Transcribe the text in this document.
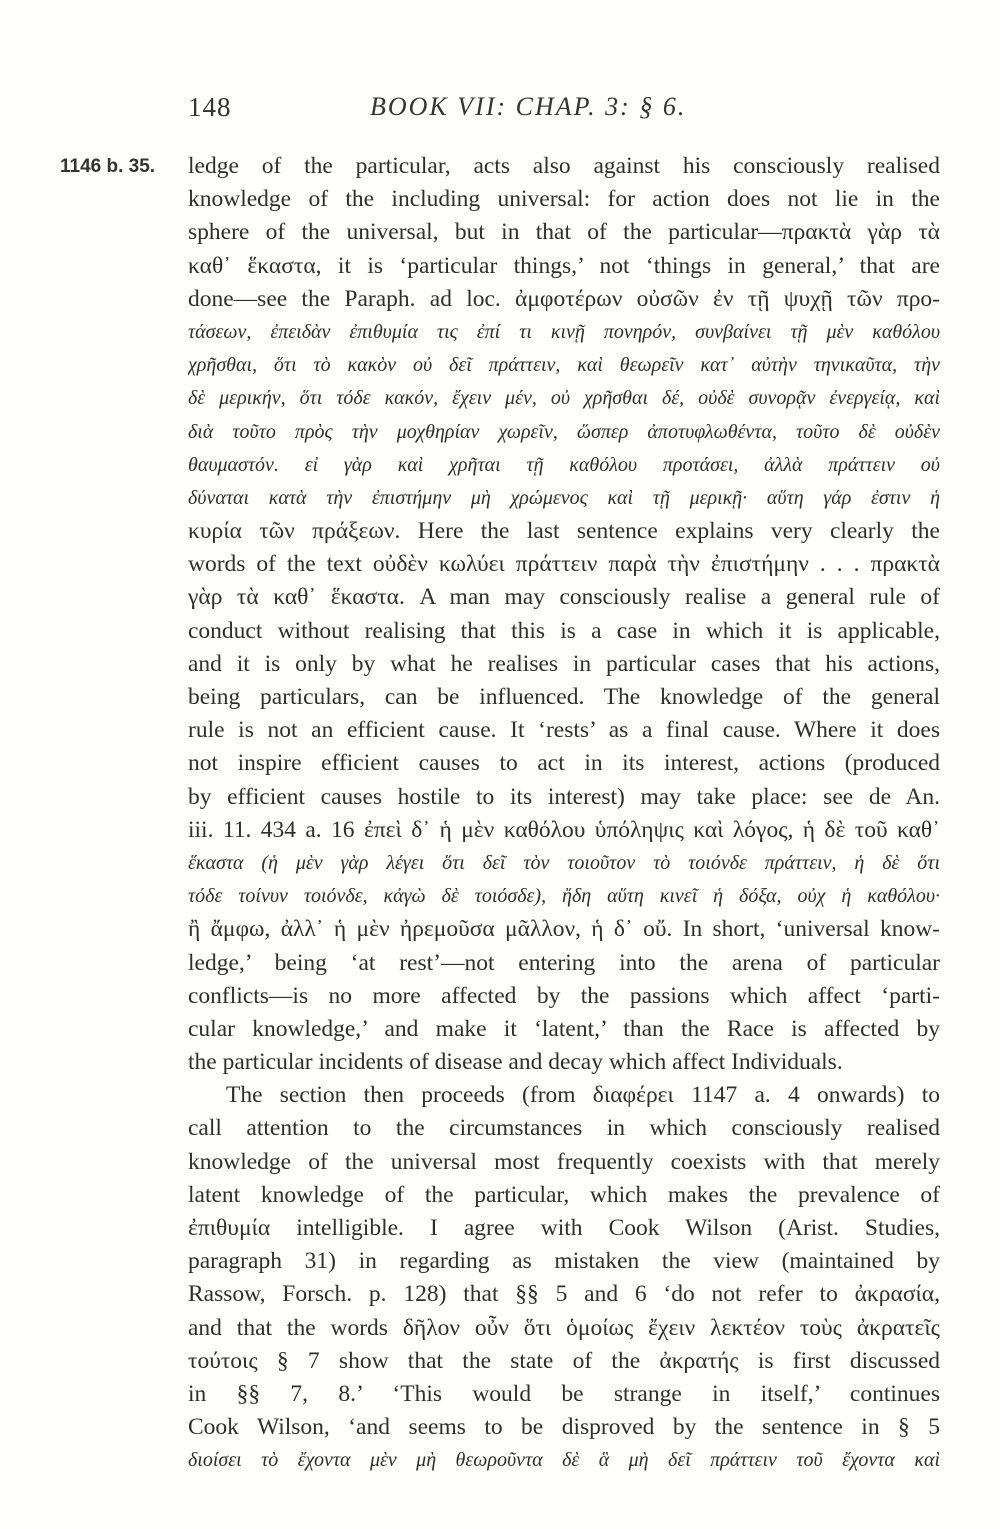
148	BOOK VII: CHAP. 3: § 6.
1146 b. 35. ledge of the particular, acts also against his consciously realised
knowledge of the including universal: for action does not lie in the
sphere of the universal, but in that of the particular—πρακτὰ γὰρ τὰ
καθ᾽ ἕκαστα, it is ‘particular things,’ not ‘things in general,’ that are
done—see the Paraph. ad loc. ἀμφοτέρων οὐσῶν ἐν τῇ ψυχῇ τῶν προ-
τάσεων, ἐπειδὰν ἐπιθυμία τις ἐπί τι κινῇ πονηρόν, συνβαίνει τῇ μὲν καθόλου
χρῆσθαι, ὅτι τὸ κακὸν οὐ δεῖ πράττειν, καὶ θεωρεῖν κατ᾽ αὐτὴν τηνικαῦτα, τὴν
δὲ μερικήν, ὅτι τόδε κακόν, ἔχειν μέν, οὐ χρῆσθαι δέ, οὐδὲ συνορᾷν ἐνεργείᾳ, καὶ
διὰ τοῦτο πρὸς τὴν μοχθηρίαν χωρεῖν, ὥσπερ ἀποτυφλωθέντα, τοῦτο δὲ οὐδὲν
θαυμαστόν. εἰ γὰρ καὶ χρῆται τῇ καθόλου προτάσει, ἀλλὰ πράττειν οὐ
δύναται κατὰ τὴν ἐπιστήμην μὴ χρώμενος καὶ τῇ μερικῇ· αὕτη γάρ ἐστιν ἡ
κυρία τῶν πράξεων. Here the last sentence explains very clearly the
words of the text οὐδὲν κωλύει πράττειν παρὰ τὴν ἐπιστήμην . . . πρακτὰ
γὰρ τὰ καθ᾽ ἕκαστα. A man may consciously realise a general rule of
conduct without realising that this is a case in which it is applicable,
and it is only by what he realises in particular cases that his actions,
being particulars, can be influenced. The knowledge of the general
rule is not an efficient cause. It ‘rests’ as a final cause. Where it does
not inspire efficient causes to act in its interest, actions (produced
by efficient causes hostile to its interest) may take place: see de An.
iii. 11. 434 a. 16 ἐπεὶ δ᾽ ἡ μὲν καθόλου ὑπόληψις καὶ λόγος, ἡ δὲ τοῦ καθ᾽
ἕκαστα (ἡ μὲν γὰρ λέγει ὅτι δεῖ τὸν τοιοῦτον τὸ τοιόνδε πράττειν, ἡ δὲ ὅτι
τόδε τοίνυν τοιόνδε, κἀγὼ δὲ τοιόσδε), ἤδη αὕτη κινεῖ ἡ δόξα, οὐχ ἡ καθόλου·
ἢ ἄμφω, ἀλλ᾽ ἡ μὲν ἠρεμοῦσα μᾶλλον, ἡ δ᾽ οὔ. In short, ‘universal know-
ledge,’ being ‘at rest’—not entering into the arena of particular
conflicts—is no more affected by the passions which affect ‘parti-
cular knowledge,’ and make it ‘latent,’ than the Race is affected by
the particular incidents of disease and decay which affect Individuals.
The section then proceeds (from διαφέρει 1147 a. 4 onwards) to
call attention to the circumstances in which consciously realised
knowledge of the universal most frequently coexists with that merely
latent knowledge of the particular, which makes the prevalence of
ἐπιθυμία intelligible. I agree with Cook Wilson (Arist. Studies,
paragraph 31) in regarding as mistaken the view (maintained by
Rassow, Forsch. p. 128) that §§ 5 and 6 ‘do not refer to ἀκρασία,
and that the words δῆλον οὖν ὅτι ὁμοίως ἔχειν λεκτέον τοὺς ἀκρατεῖς
τούτοις § 7 show that the state of the ἀκρατής is first discussed
in §§ 7, 8.’ ‘This would be strange in itself,’ continues
Cook Wilson, ‘and seems to be disproved by the sentence in § 5
διοίσει τὸ ἔχοντα μὲν μὴ θεωροῦντα δὲ ἃ μὴ δεῖ πράττειν τοῦ ἔχοντα καὶ
